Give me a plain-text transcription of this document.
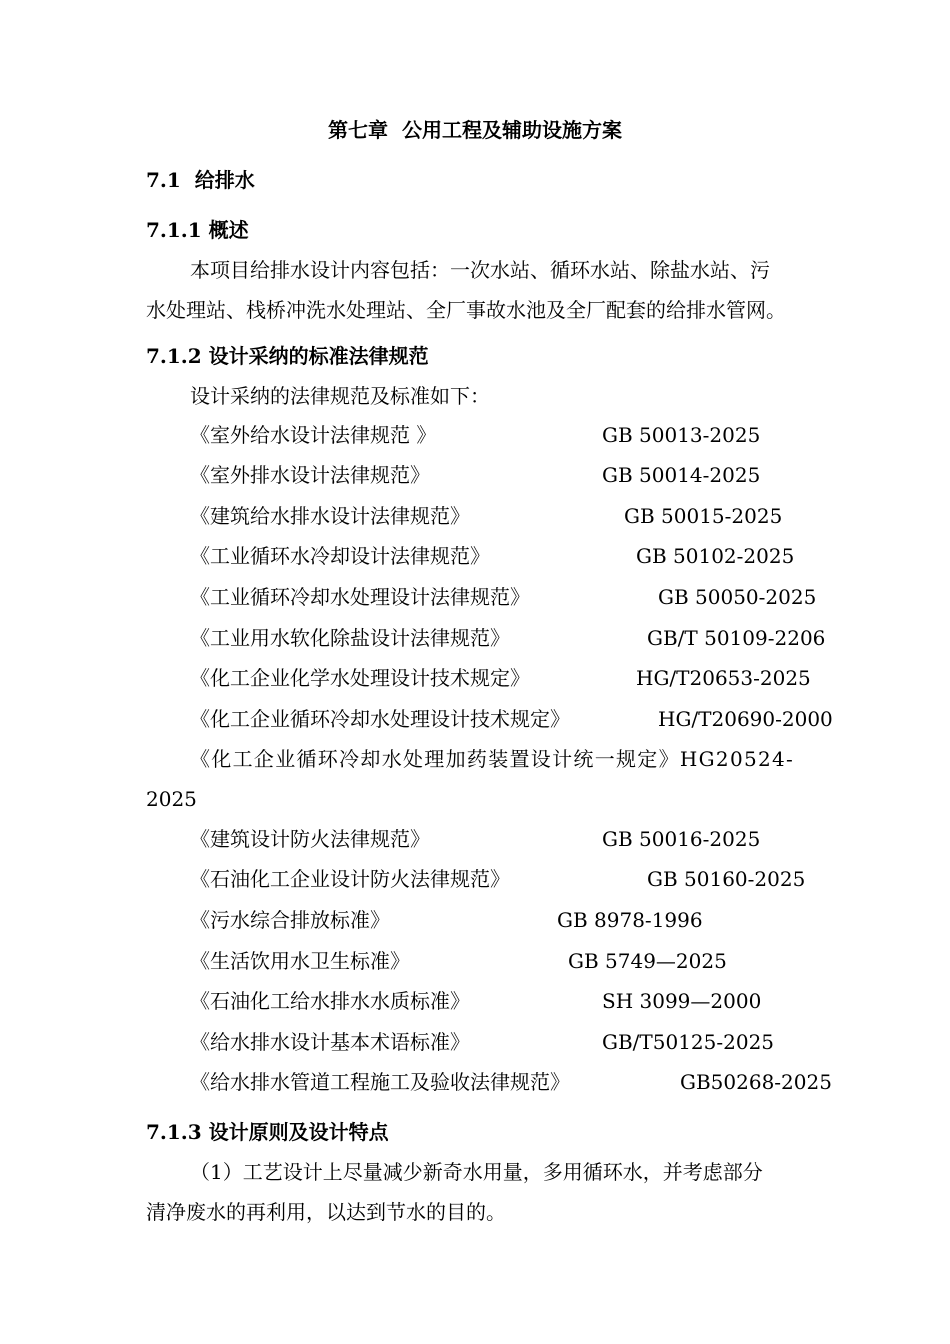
第七章  公用工程及辅助设施方案
7.1  给排水
7.1.1 概述

本项目给排水设计内容包括：一次水站、循环水站、除盐水站、污
水处理站、栈桥冲洗水处理站、全厂事故水池及全厂配套的给排水管网。

7.1.2 设计采纳的标准法律规范

设计采纳的法律规范及标准如下：

《室外给水设计法律规范 》	GB 50013-2025
《室外排水设计法律规范》	GB 50014-2025
《建筑给水排水设计法律规范》	GB 50015-2025
《工业循环水冷却设计法律规范》	GB 50102-2025
《工业循环冷却水处理设计法律规范》	GB 50050-2025
《工业用水软化除盐设计法律规范》	GB/T 50109-2206
《化工企业化学水处理设计技术规定》	HG/T20653-2025
《化工企业循环冷却水处理设计技术规定》	HG/T20690-2000
《化工企业循环冷却水处理加药装置设计统一规定》HG20524-
2025
《建筑设计防火法律规范》	GB 50016-2025
《石油化工企业设计防火法律规范》	GB 50160-2025
《污水综合排放标准》	GB 8978-1996
《生活饮用水卫生标准》	GB 5749—2025
《石油化工给水排水水质标准》	SH 3099—2000
《给水排水设计基本术语标准》	GB/T50125-2025
《给水排水管道工程施工及验收法律规范》	GB50268-2025
7.1.3 设计原则及设计特点

（1）工艺设计上尽量减少新奇水用量，多用循环水，并考虑部分
清净废水的再利用，以达到节水的目的。
